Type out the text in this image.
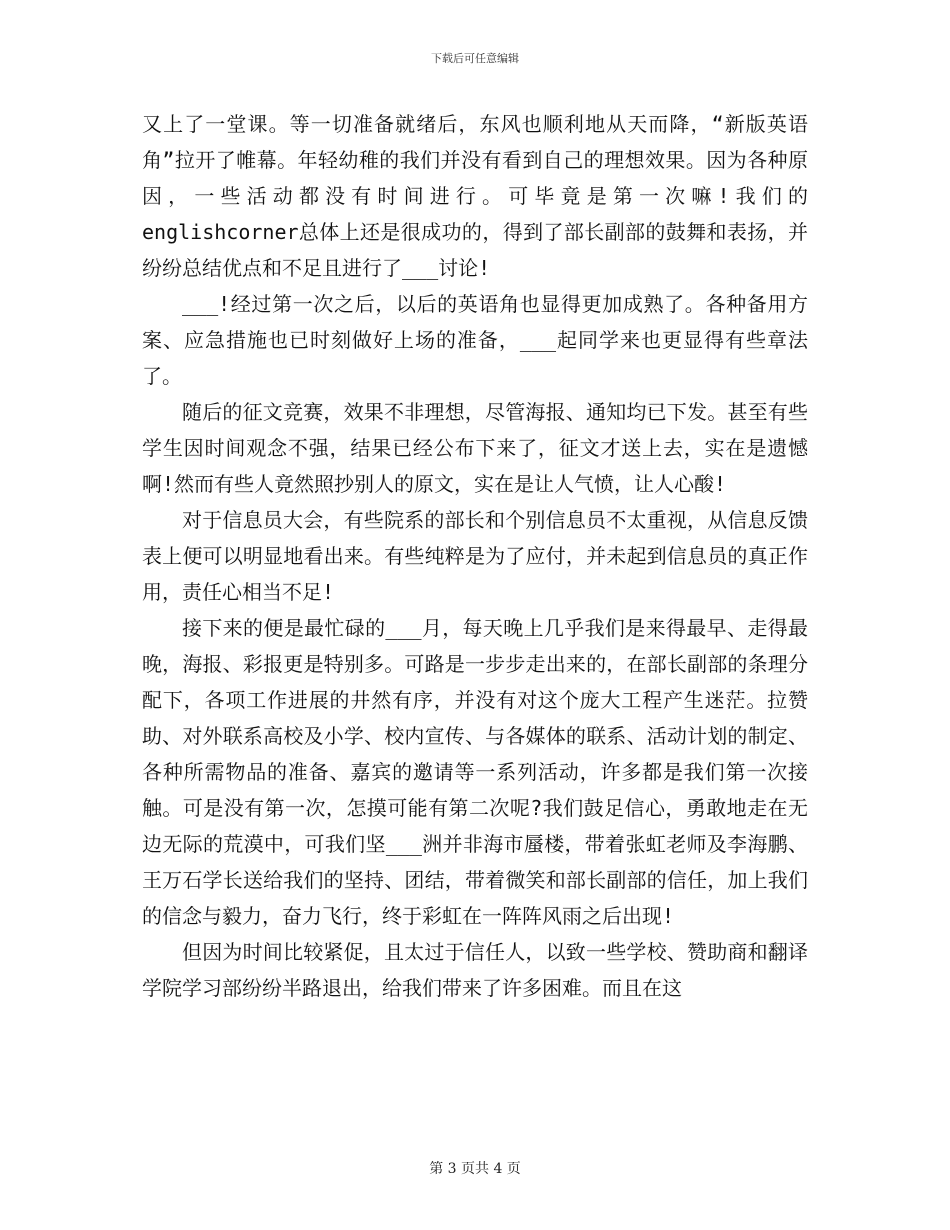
下载后可任意编辑

又上了一堂课。等一切准备就绪后，东风也顺利地从天而降，“新版英语角”拉开了帷幕。年轻幼稚的我们并没有看到自己的理想效果。因为各种原因，一些活动都没有时间进行。可毕竟是第一次嘛!我们的englishcorner总体上还是很成功的，得到了部长副部的鼓舞和表扬，并纷纷总结优点和不足且进行了___讨论!

___!经过第一次之后，以后的英语角也显得更加成熟了。各种备用方案、应急措施也已时刻做好上场的准备，___起同学来也更显得有些章法了。

随后的征文竞赛，效果不非理想，尽管海报、通知均已下发。甚至有些学生因时间观念不强，结果已经公布下来了，征文才送上去，实在是遗憾啊!然而有些人竟然照抄别人的原文，实在是让人气愤，让人心酸!

对于信息员大会，有些院系的部长和个别信息员不太重视，从信息反馈表上便可以明显地看出来。有些纯粹是为了应付，并未起到信息员的真正作用，责任心相当不足!

接下来的便是最忙碌的___月，每天晚上几乎我们是来得最早、走得最晚，海报、彩报更是特别多。可路是一步步走出来的，在部长副部的条理分配下，各项工作进展的井然有序，并没有对这个庞大工程产生迷茫。拉赞助、对外联系高校及小学、校内宣传、与各媒体的联系、活动计划的制定、各种所需物品的准备、嘉宾的邀请等一系列活动，许多都是我们第一次接触。可是没有第一次，怎摸可能有第二次呢?我们鼓足信心，勇敢地走在无边无际的荒漠中，可我们坚___洲并非海市蜃楼，带着张虹老师及李海鹏、王万石学长送给我们的坚持、团结，带着微笑和部长副部的信任，加上我们的信念与毅力，奋力飞行，终于彩虹在一阵阵风雨之后出现!

但因为时间比较紧促，且太过于信任人，以致一些学校、赞助商和翻译学院学习部纷纷半路退出，给我们带来了许多困难。而且在这

第 3 页共 4 页
